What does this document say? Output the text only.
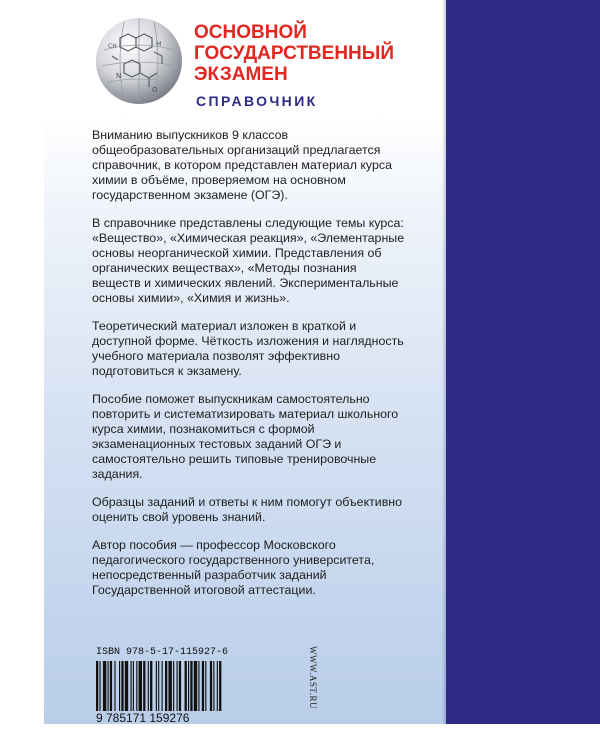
H
N
O
CH
ОСНОВНОЙ
ГОСУДАРСТВЕННЫЙ
ЭКЗАМЕН
СПРАВОЧНИК

Вниманию выпускников 9 классов общеобразовательных организаций предлагается справочник, в котором представлен материал курса химии в объёме, проверяемом на основном государственном экзамене (ОГЭ).

В справочнике представлены следующие темы курса: «Вещество», «Химическая реакция», «Элементарные основы неорганической химии. Представления об органических веществах», «Методы познания веществ и химических явлений. Экспериментальные основы химии», «Химия и жизнь».

Теоретический материал изложен в краткой и доступной форме. Чёткость изложения и наглядность учебного материала позволят эффективно подготовиться к экзамену.

Пособие поможет выпускникам самостоятельно повторить и систематизировать материал школьного курса химии, познакомиться с формой экзаменационных тестовых заданий ОГЭ и самостоятельно решить типовые тренировочные задания.

Образцы заданий и ответы к ним помогут объективно оценить свой уровень знаний.

Автор пособия — профессор Московского педагогического государственного университета, непосредственный разработчик заданий Государственной итоговой аттестации.

ISBN 978-5-17-115927-6
9 785171 159276
WWW.AST.RU
